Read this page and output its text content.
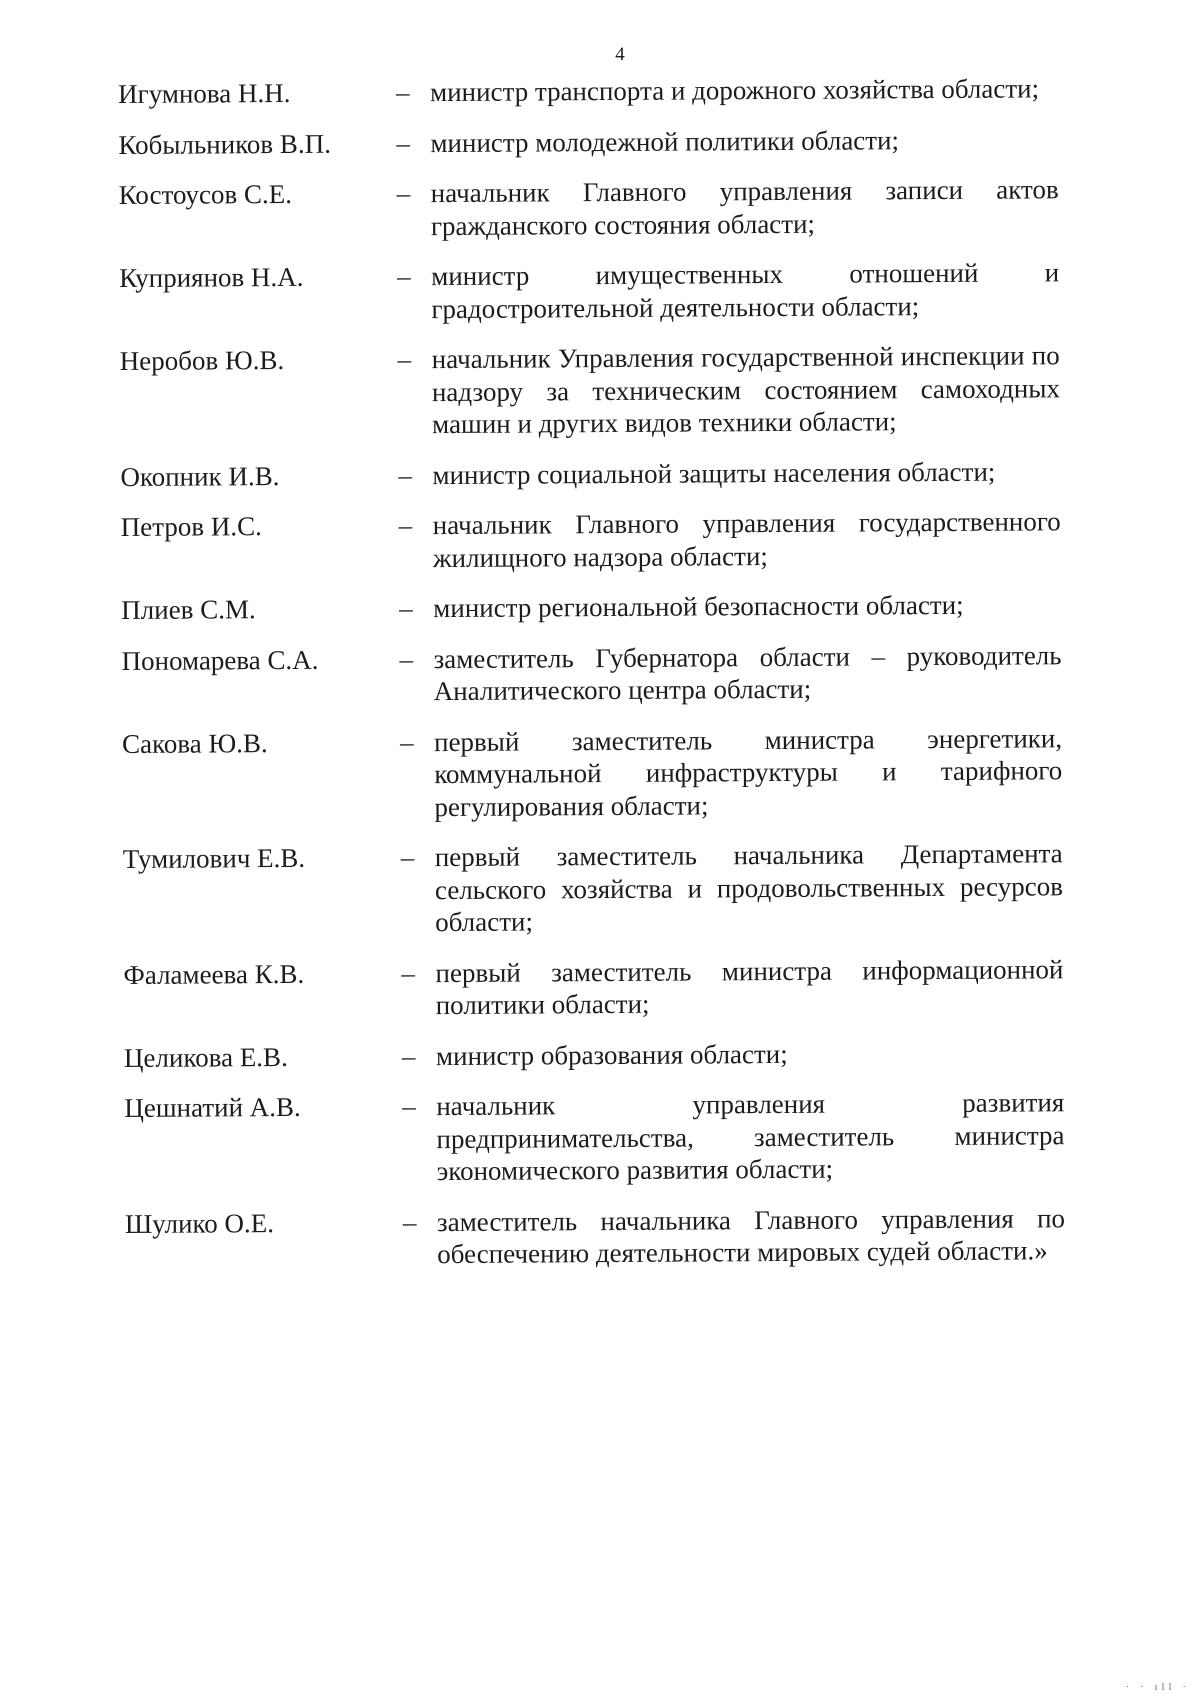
4
Игумнова Н.Н.	– министр транспорта и дорожного хозяйства области;
Кобыльников В.П.	– министр молодежной политики области;
Костоусов С.Е.	– начальник Главного управления записи актов гражданского состояния области;
Куприянов Н.А.	– министр имущественных отношений и градостроительной деятельности области;
Неробов Ю.В.	– начальник Управления государственной инспекции по надзору за техническим состоянием самоходных машин и других видов техники области;
Окопник И.В.	– министр социальной защиты населения области;
Петров И.С.	– начальник Главного управления государственного жилищного надзора области;
Плиев С.М.	– министр региональной безопасности области;
Пономарева С.А.	– заместитель Губернатора области – руководитель Аналитического центра области;
Сакова Ю.В.	– первый заместитель министра энергетики, коммунальной инфраструктуры и тарифного регулирования области;
Тумилович Е.В.	– первый заместитель начальника Департамента сельского хозяйства и продовольственных ресурсов области;
Фаламеева К.В.	– первый заместитель министра информационной политики области;
Целикова Е.В.	– министр образования области;
Цешнатий А.В.	– начальник управления развития предпринимательства, заместитель министра экономического развития области;
Шулико О.Е.	– заместитель начальника Главного управления по обеспечению деятельности мировых судей области.»
· · ıll ·
